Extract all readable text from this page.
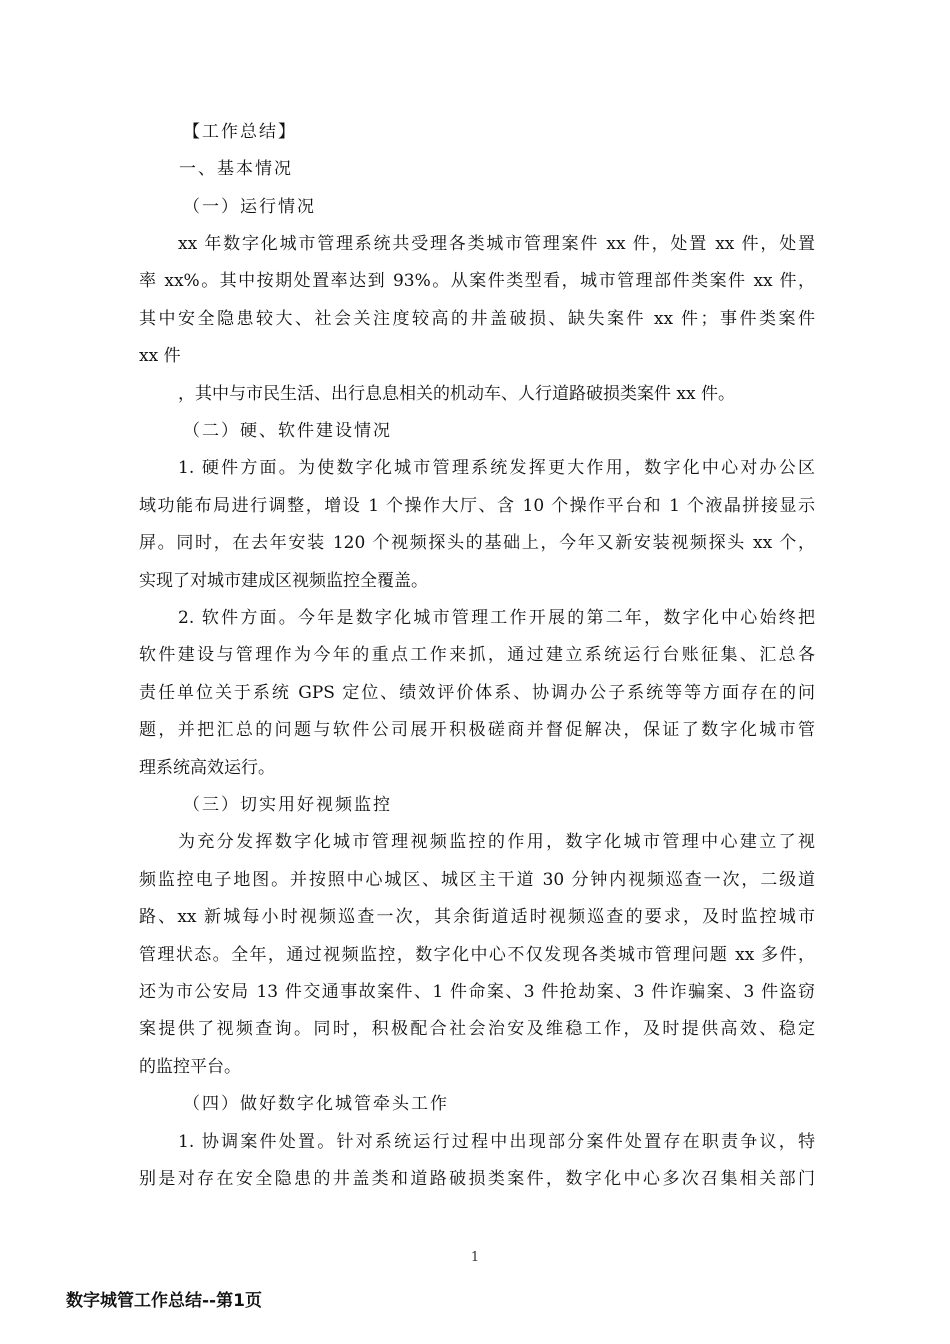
【工作总结】
一、基本情况
（一）运行情况
xx 年数字化城市管理系统共受理各类城市管理案件 xx 件，处置 xx 件，处置
率 xx%。其中按期处置率达到 93%。从案件类型看，城市管理部件类案件 xx 件，
其中安全隐患较大、社会关注度较高的井盖破损、缺失案件 xx 件；事件类案件
xx 件
，其中与市民生活、出行息息相关的机动车、人行道路破损类案件 xx 件。
（二）硬、软件建设情况
1. 硬件方面。为使数字化城市管理系统发挥更大作用，数字化中心对办公区
域功能布局进行调整，增设 1 个操作大厅、含 10 个操作平台和 1 个液晶拼接显示
屏。同时，在去年安装 120 个视频探头的基础上，今年又新安装视频探头 xx 个，
实现了对城市建成区视频监控全覆盖。
2. 软件方面。今年是数字化城市管理工作开展的第二年，数字化中心始终把
软件建设与管理作为今年的重点工作来抓，通过建立系统运行台账征集、汇总各
责任单位关于系统 GPS 定位、绩效评价体系、协调办公子系统等等方面存在的问
题，并把汇总的问题与软件公司展开积极磋商并督促解决，保证了数字化城市管
理系统高效运行。
（三）切实用好视频监控
为充分发挥数字化城市管理视频监控的作用，数字化城市管理中心建立了视
频监控电子地图。并按照中心城区、城区主干道 30 分钟内视频巡查一次，二级道
路、xx 新城每小时视频巡查一次，其余街道适时视频巡查的要求，及时监控城市
管理状态。全年，通过视频监控，数字化中心不仅发现各类城市管理问题 xx 多件，
还为市公安局 13 件交通事故案件、1 件命案、3 件抢劫案、3 件诈骗案、3 件盗窃
案提供了视频查询。同时，积极配合社会治安及维稳工作，及时提供高效、稳定
的监控平台。
（四）做好数字化城管牵头工作
1. 协调案件处置。针对系统运行过程中出现部分案件处置存在职责争议，特
别是对存在安全隐患的井盖类和道路破损类案件，数字化中心多次召集相关部门
1
数字城管工作总结--第1页
